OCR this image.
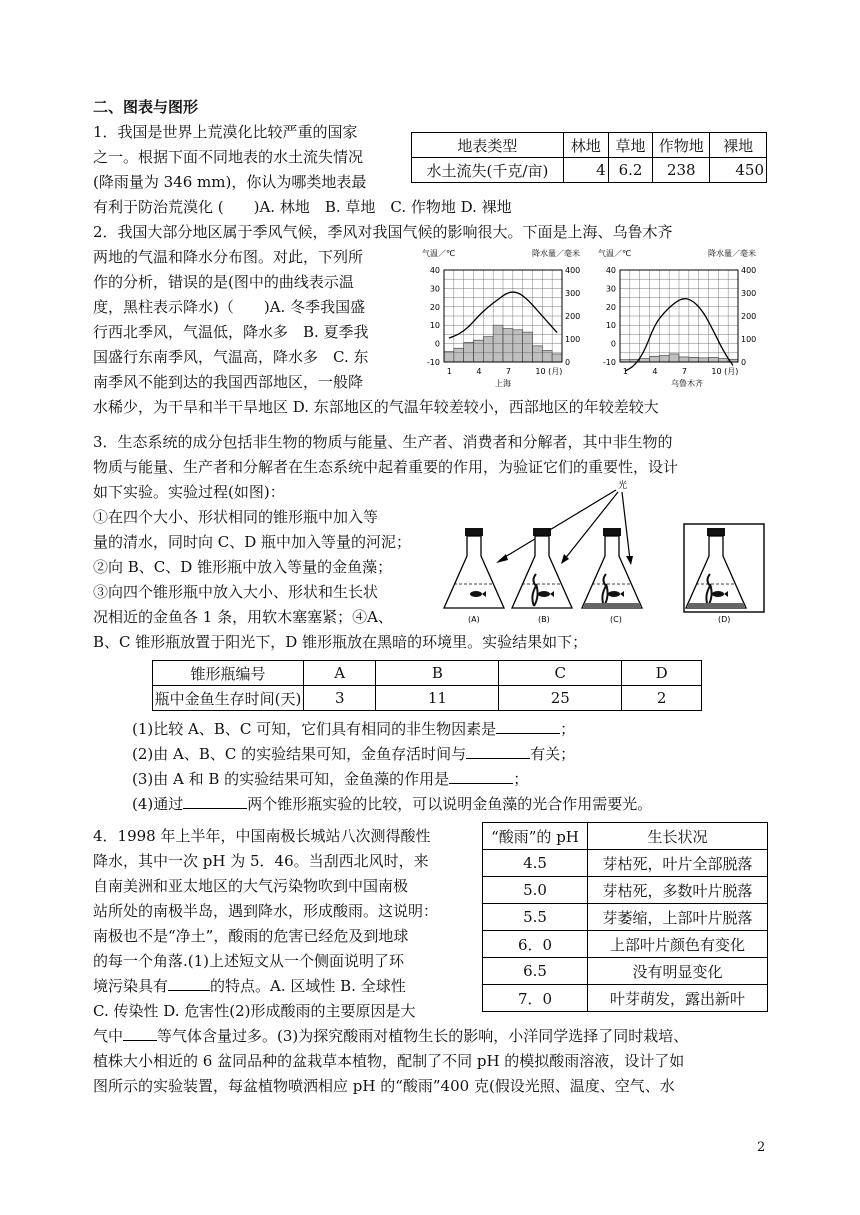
二、图表与图形
1．我国是世界上荒漠化比较严重的国家
之一。根据下面不同地表的水土流失情况
(降雨量为 346 mm)，你认为哪类地表最
有利于防治荒漠化 (　　)A. 林地　B. 草地　C. 作物地 D. 裸地
地表类型	林地	草地	作物地	裸地
水土流失(千克/亩)	4	6.2	238	450
2．我国大部分地区属于季风气候，季风对我国气候的影响很大。下面是上海、乌鲁木齐
两地的气温和降水分布图。对此，下列所
作的分析，错误的是(图中的曲线表示温
度，黑柱表示降水)（　　)A. 冬季我国盛
行西北季风，气温低，降水多　B. 夏季我
国盛行东南季风，气温高，降水多　C. 东
南季风不能到达的我国西部地区，一般降
水稀少，为干旱和半干旱地区 D. 东部地区的气温年较差较小，西部地区的年较差较大
气温／℃	降水量／毫米
40
30
20
10
0
-10
400
300
200
100
0
1	4	7	10 (月)
上海
气温／℃	降水量／毫米
40
30
20
10
0
-10
400
300
200
100
0
1	4	7	10 (月)
乌鲁木齐
3．生态系统的成分包括非生物的物质与能量、生产者、消费者和分解者，其中非生物的
物质与能量、生产者和分解者在生态系统中起着重要的作用，为验证它们的重要性，设计
如下实验。实验过程(如图)：
①在四个大小、形状相同的锥形瓶中加入等
量的清水，同时向 C、D 瓶中加入等量的河泥；
②向 B、C、D 锥形瓶中放入等量的金鱼藻；
③向四个锥形瓶中放入大小、形状和生长状
况相近的金鱼各 1 条，用软木塞塞紧；④A、
B、C 锥形瓶放置于阳光下，D 锥形瓶放在黑暗的环境里。实验结果如下；
光
(A)	(B)	(C)	(D)
锥形瓶编号	A	B	C	D
瓶中金鱼生存时间(天)	3	11	25	2
(1)比较 A、B、C 可知，它们具有相同的非生物因素是	；
(2)由 A、B、C 的实验结果可知，金鱼存活时间与	有关；
(3)由 A 和 B 的实验结果可知，金鱼藻的作用是	；
(4)通过	两个锥形瓶实验的比较，可以说明金鱼藻的光合作用需要光。
4．1998 年上半年，中国南极长城站八次测得酸性
降水，其中一次 pH 为 5．46。当刮西北风时，来
自南美洲和亚太地区的大气污染物吹到中国南极
站所处的南极半岛，遇到降水，形成酸雨。这说明：
南极也不是“净土”，酸雨的危害已经危及到地球
的每一个角落.(1)上述短文从一个侧面说明了环
境污染具有	的特点。A. 区域性 B. 全球性
C. 传染性 D. 危害性(2)形成酸雨的主要原因是大
气中 等气体含量过多。(3)为探究酸雨对植物生长的影响，小洋同学选择了同时栽培、
植株大小相近的 6 盆同品种的盆栽草本植物，配制了不同 pH 的模拟酸雨溶液，设计了如
图所示的实验装置，每盆植物喷洒相应 pH 的“酸雨”400 克(假设光照、温度、空气、水
“酸雨”的 pH	生长状况
4.5	芽枯死，叶片全部脱落
5.0	芽枯死，多数叶片脱落
5.5	芽萎缩，上部叶片脱落
6．0	上部叶片颜色有变化
6.5	没有明显变化
7．0	叶芽萌发，露出新叶
2
